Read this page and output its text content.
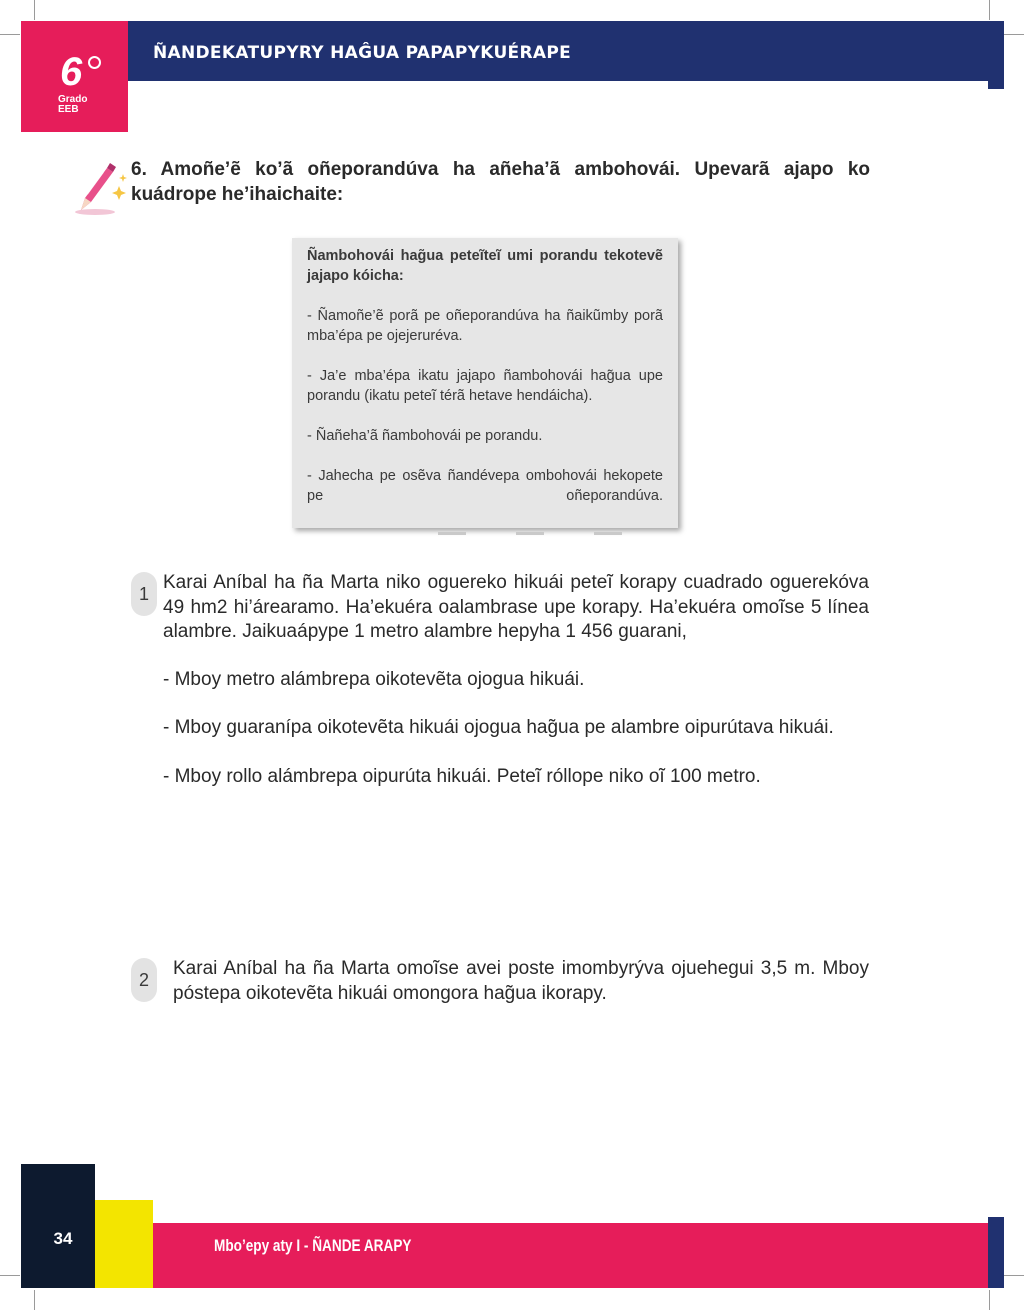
6
Grado
EEB
ÑANDEKATUPYRY HAĜUA PAPAPYKUÉRAPE
6. Amoñe’ẽ ko’ã oñeporandúva ha añeha’ã ambohovái. Upevarã ajapo ko kuádrope he’ihaichaite:

Ñambohovái hag̃ua peteĩteĩ umi porandu tekotevẽ jajapo kóicha:

- Ñamoñe’ẽ porã pe oñeporandúva ha ñaikũmby porã mba’épa pe ojejeruréva.

- Ja’e mba’épa ikatu jajapo ñambohovái hag̃ua upe porandu (ikatu peteĩ térã hetave hendáicha).

- Ñañeha’ã ñambohovái pe porandu.

- Jahecha pe osẽva ñandévepa ombohovái hekopete pe oñeporandúva.

1
Karai Aníbal ha ña Marta niko oguereko hikuái peteĩ korapy cuadrado oguerekóva 49 hm2 hi’árearamo. Ha’ekuéra oalambrase upe korapy. Ha’ekuéra omoĩse 5 línea alambre. Jaikuaápype 1 metro alambre hepyha 1 456 guarani,
- Mboy metro alámbrepa oikotevẽta ojogua hikuái.
- Mboy guaranípa oikotevẽta hikuái ojogua hag̃ua pe alambre oipurútava hikuái.
- Mboy rollo alámbrepa oipurúta hikuái. Peteĩ róllope niko oĩ 100 metro.
2
Karai Aníbal ha ña Marta omoĩse avei poste imombyrýva ojuehegui 3,5 m. Mboy póstepa oikotevẽta hikuái omongora hag̃ua ikorapy.
34	Mbo’epy aty I - ÑANDE ARAPY
